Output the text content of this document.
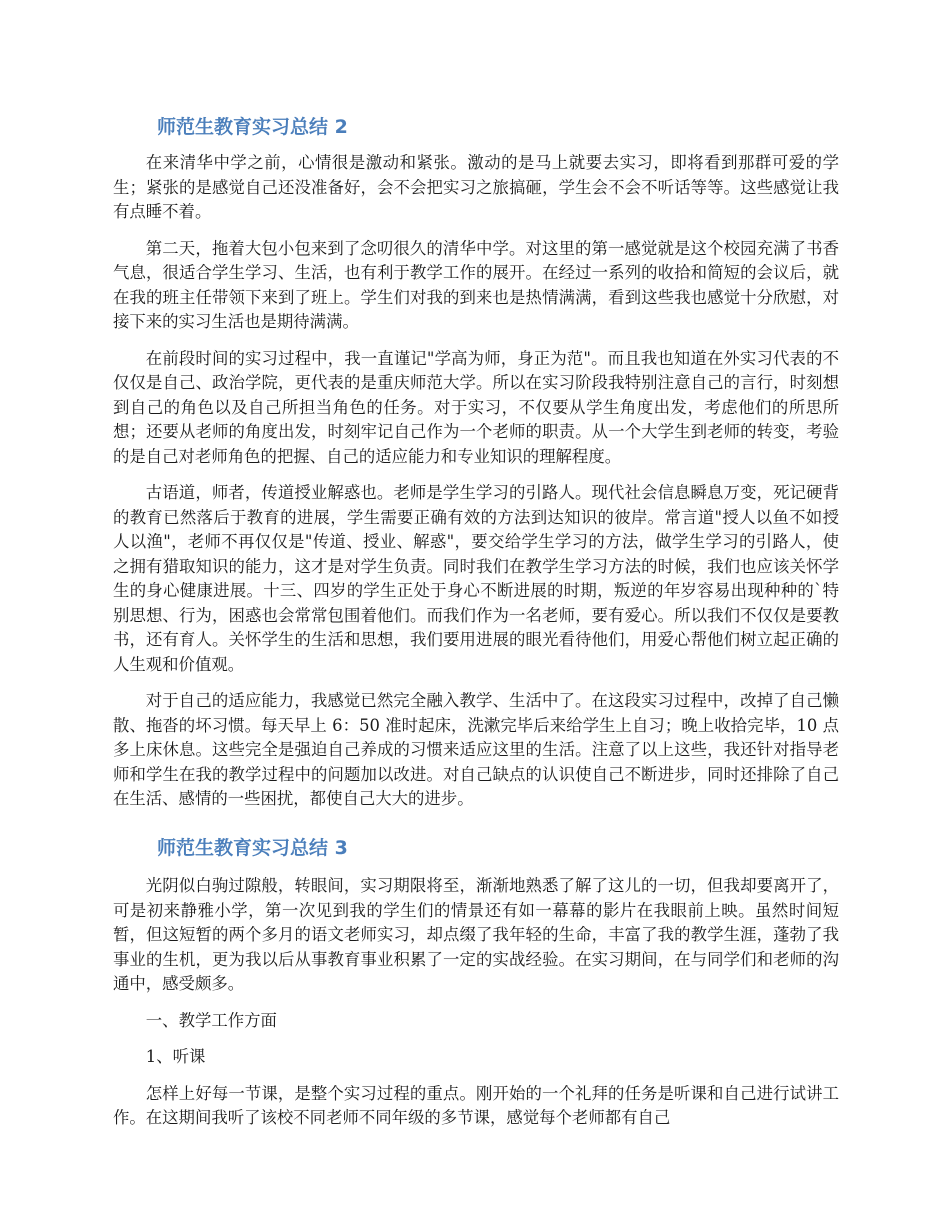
师范生教育实习总结 2

在来清华中学之前，心情很是激动和紧张。激动的是马上就要去实习，即将看到那群可爱的学生；紧张的是感觉自己还没准备好，会不会把实习之旅搞砸，学生会不会不听话等等。这些感觉让我有点睡不着。

第二天，拖着大包小包来到了念叨很久的清华中学。对这里的第一感觉就是这个校园充满了书香气息，很适合学生学习、生活，也有利于教学工作的展开。在经过一系列的收拾和简短的会议后，就在我的班主任带领下来到了班上。学生们对我的到来也是热情满满，看到这些我也感觉十分欣慰，对接下来的实习生活也是期待满满。

在前段时间的实习过程中，我一直谨记"学高为师，身正为范"。而且我也知道在外实习代表的不仅仅是自己、政治学院，更代表的是重庆师范大学。所以在实习阶段我特别注意自己的言行，时刻想到自己的角色以及自己所担当角色的任务。对于实习，不仅要从学生角度出发，考虑他们的所思所想；还要从老师的角度出发，时刻牢记自己作为一个老师的职责。从一个大学生到老师的转变，考验的是自己对老师角色的把握、自己的适应能力和专业知识的理解程度。

古语道，师者，传道授业解惑也。老师是学生学习的引路人。现代社会信息瞬息万变，死记硬背的教育已然落后于教育的进展，学生需要正确有效的方法到达知识的彼岸。常言道"授人以鱼不如授人以渔"，老师不再仅仅是"传道、授业、解惑"，要交给学生学习的方法，做学生学习的引路人，使之拥有猎取知识的能力，这才是对学生负责。同时我们在教学生学习方法的时候，我们也应该关怀学生的身心健康进展。十三、四岁的学生正处于身心不断进展的时期，叛逆的年岁容易出现种种的`特别思想、行为，困惑也会常常包围着他们。而我们作为一名老师，要有爱心。所以我们不仅仅是要教书，还有育人。关怀学生的生活和思想，我们要用进展的眼光看待他们，用爱心帮他们树立起正确的人生观和价值观。

对于自己的适应能力，我感觉已然完全融入教学、生活中了。在这段实习过程中，改掉了自己懒散、拖沓的坏习惯。每天早上 6：50 准时起床，洗漱完毕后来给学生上自习；晚上收拾完毕，10 点多上床休息。这些完全是强迫自己养成的习惯来适应这里的生活。注意了以上这些，我还针对指导老师和学生在我的教学过程中的问题加以改进。对自己缺点的认识使自己不断进步，同时还排除了自己在生活、感情的一些困扰，都使自己大大的进步。

师范生教育实习总结 3

光阴似白驹过隙般，转眼间，实习期限将至，渐渐地熟悉了解了这儿的一切，但我却要离开了，可是初来静雅小学，第一次见到我的学生们的情景还有如一幕幕的影片在我眼前上映。虽然时间短暂，但这短暂的两个多月的语文老师实习，却点缀了我年轻的生命，丰富了我的教学生涯，蓬勃了我事业的生机，更为我以后从事教育事业积累了一定的实战经验。在实习期间，在与同学们和老师的沟通中，感受颇多。

一、教学工作方面

1、听课

怎样上好每一节课，是整个实习过程的重点。刚开始的一个礼拜的任务是听课和自己进行试讲工作。在这期间我听了该校不同老师不同年级的多节课，感觉每个老师都有自己
